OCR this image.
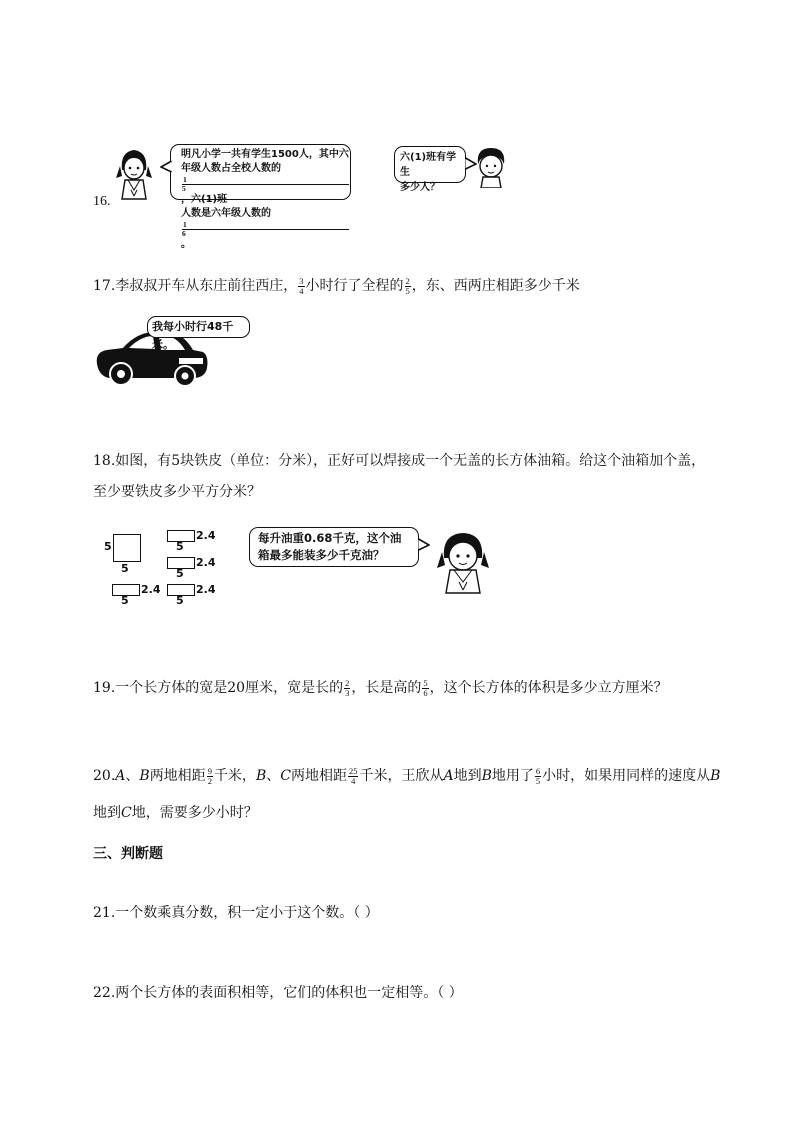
16.
明凡小学一共有学生1500人，其中六
年级人数占全校人数的
1
5
，六(1)班
人数是六年级人数的
1
6
。
六(1)班有学生
多少人？
17.李叔叔开车从东庄前往西庄， $\frac{3}{4}$ 小时行了全程的 $\frac{2}{5}$ ，东、西两庄相距多少千米
我每小时行48千米。
18.如图，有5块铁皮（单位：分米），正好可以焊接成一个无盖的长方体油箱。给这个油箱加个盖，
至少要铁皮多少平方分米？
5
5
2.4
5
2.4
5
2.4
5
2.4
5
每升油重0.68千克，这个油
箱最多能装多少千克油？
19.一个长方体的宽是20厘米，宽是长的 $\frac{2}{3}$ ，长是高的 $\frac{5}{6}$ ，这个长方体的体积是多少立方厘米？
20.A、B两地相距 $\frac{9}{2}$ 千米，B、C两地相距 $\frac{25}{4}$ 千米，王欣从A地到B地用了 $\frac{6}{5}$ 小时，如果用同样的速度从B
地到C地，需要多少小时？
三、判断题
21.一个数乘真分数，积一定小于这个数。（ ）
22.两个长方体的表面积相等，它们的体积也一定相等。（ ）
